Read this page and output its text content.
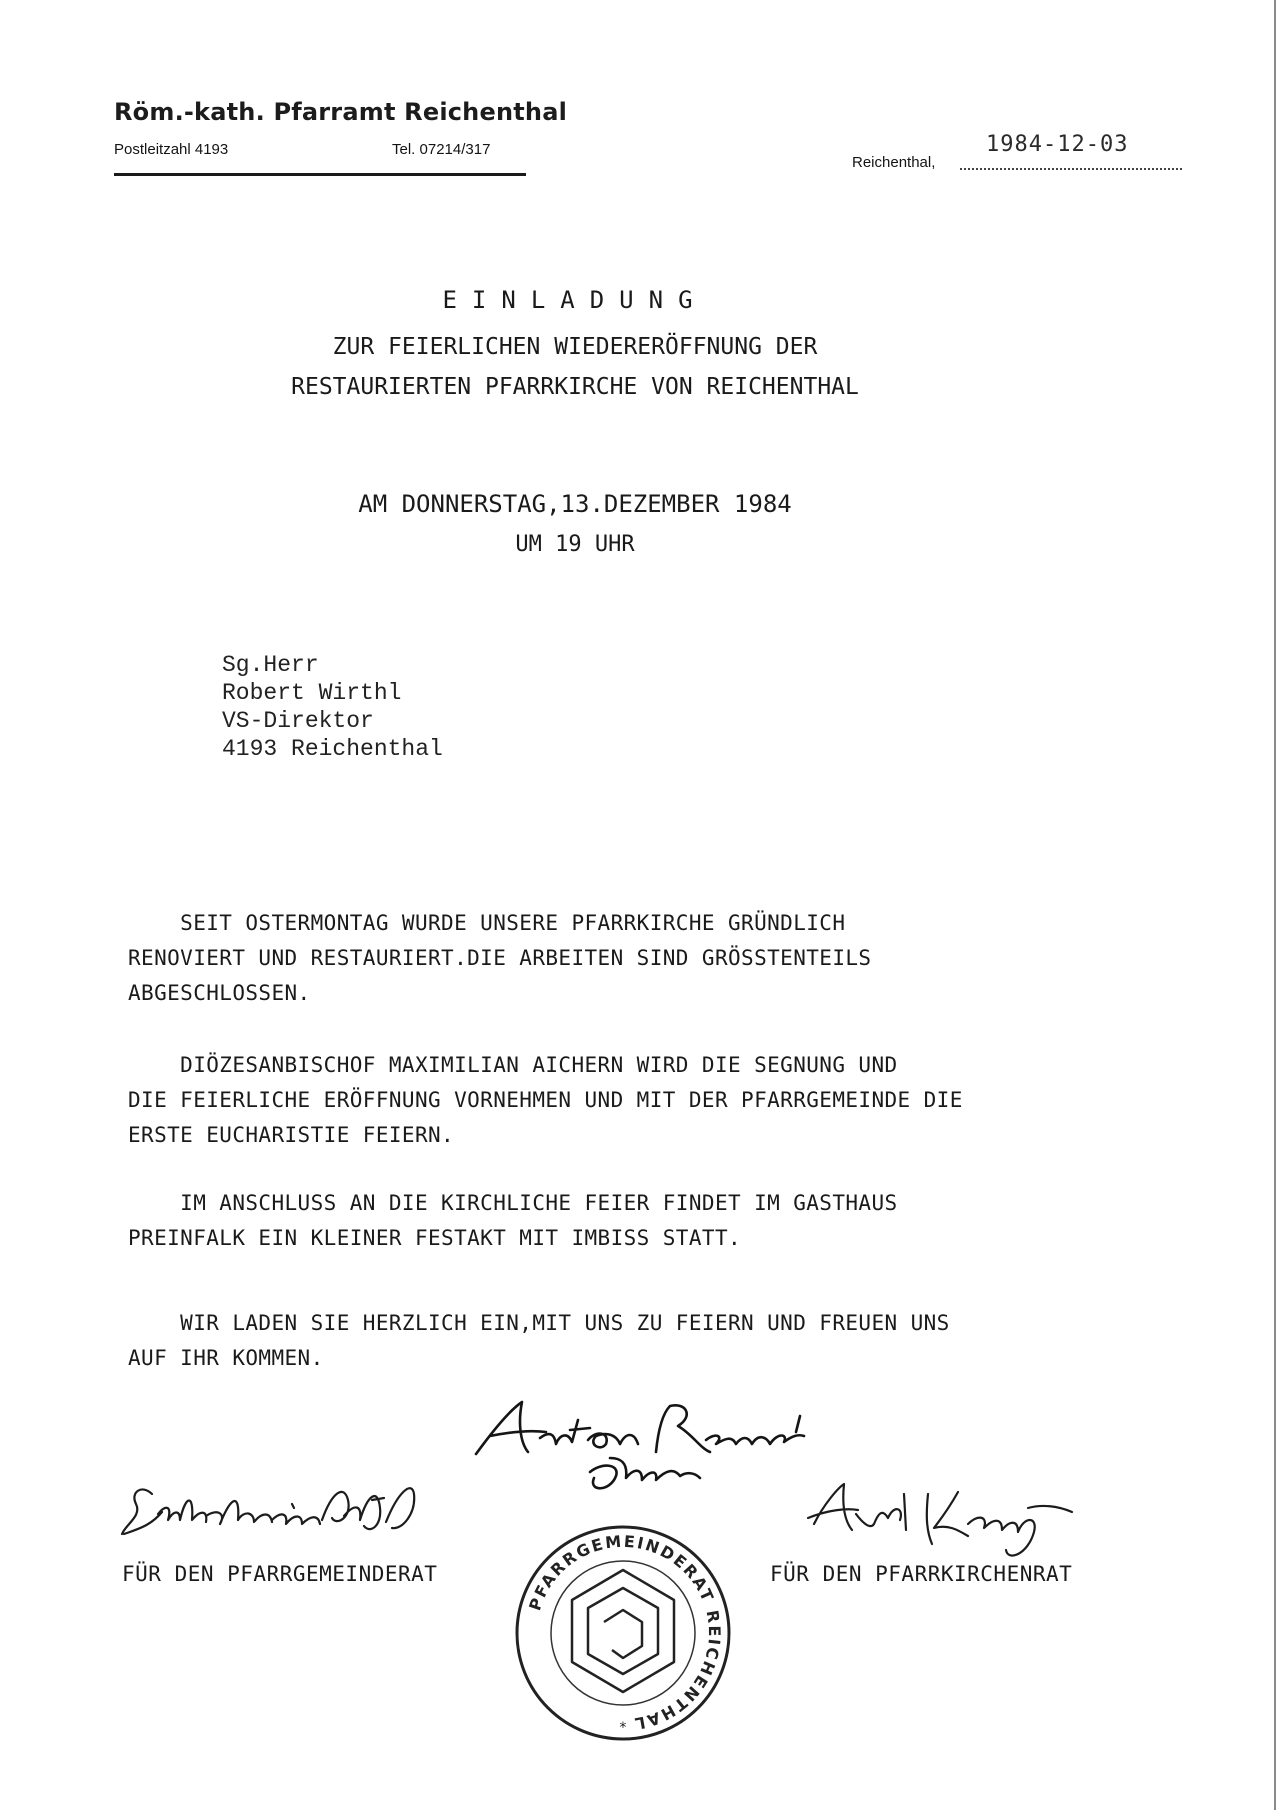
Röm.-kath. Pfarramt Reichenthal
Postleitzahl 4193	Tel. 07214/317
Reichenthal,
1984-12-03
EINLADUNG
ZUR FEIERLICHEN WIEDERERÖFFNUNG DER
RESTAURIERTEN PFARRKIRCHE VON REICHENTHAL
AM DONNERSTAG,13.DEZEMBER 1984
UM 19 UHR
Sg.Herr
Robert Wirthl
VS-Direktor
4193 Reichenthal
SEIT OSTERMONTAG WURDE UNSERE PFARRKIRCHE GRÜNDLICH
RENOVIERT UND RESTAURIERT.DIE ARBEITEN SIND GRÖSSTENTEILS
ABGESCHLOSSEN.
DIÖZESANBISCHOF MAXIMILIAN AICHERN WIRD DIE SEGNUNG UND
DIE FEIERLICHE ERÖFFNUNG VORNEHMEN UND MIT DER PFARRGEMEINDE DIE
ERSTE EUCHARISTIE FEIERN.
IM ANSCHLUSS AN DIE KIRCHLICHE FEIER FINDET IM GASTHAUS
PREINFALK EIN KLEINER FESTAKT MIT IMBISS STATT.
WIR LADEN SIE HERZLICH EIN,MIT UNS ZU FEIERN UND FREUEN UNS
AUF IHR KOMMEN.
FÜR DEN PFARRGEMEINDERAT	FÜR DEN PFARRKIRCHENRAT
PFARRGEMEINDERAT REICHENTHAL
*
